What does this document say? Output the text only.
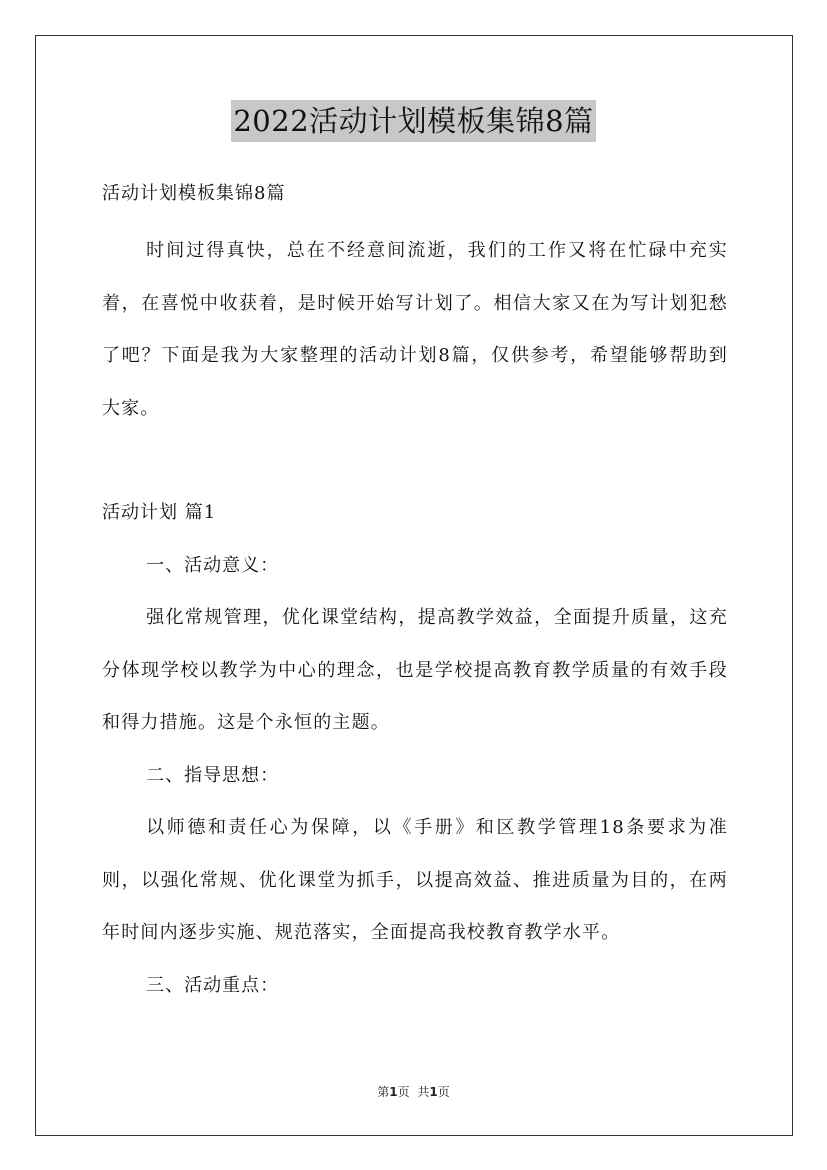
2022活动计划模板集锦8篇

活动计划模板集锦8篇

时间过得真快，总在不经意间流逝，我们的工作又将在忙碌中充实着，在喜悦中收获着，是时候开始写计划了。相信大家又在为写计划犯愁了吧？下面是我为大家整理的活动计划8篇，仅供参考，希望能够帮助到大家。

活动计划 篇1

一、活动意义：

强化常规管理，优化课堂结构，提高教学效益，全面提升质量，这充分体现学校以教学为中心的理念，也是学校提高教育教学质量的有效手段和得力措施。这是个永恒的主题。

二、指导思想：

以师德和责任心为保障，以《手册》和区教学管理18条要求为准则，以强化常规、优化课堂为抓手，以提高效益、推进质量为目的，在两年时间内逐步实施、规范落实，全面提高我校教育教学水平。

三、活动重点：

第1页 共1页
